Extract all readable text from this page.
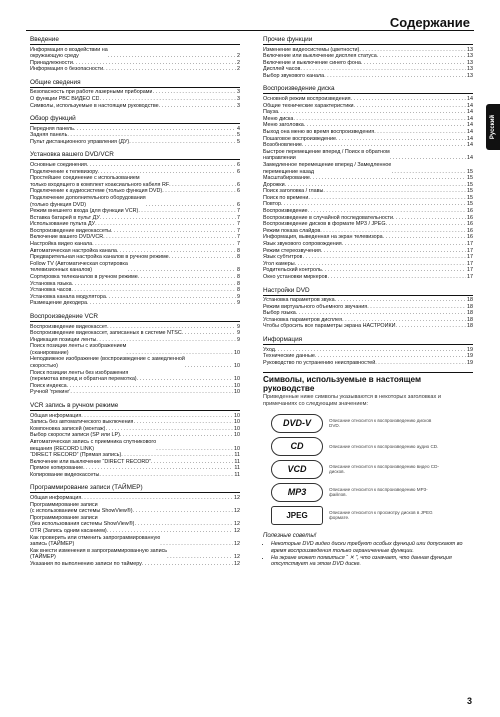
Содержание
Русский
Введение
Информация о воздействии на
окружающую среду . . .	2
Принадлежности . . .	2
Информация о безопасности . . .	2
Общие сведения
Безопасность при работе лазерными приборами . . .	3
О функции PBC ВИДЕО CD . . .	3
Символы, используемые в настоящем руководстве . . .	3
Обзор функций
Передняя панель . . .	4
Задняя панель . . .	5
Пульт дистанционного управления (ДУ) . . .	5
Установка вашего DVD/VCR
Основные соединения . . .	6
Подключение к телевизору . . .	6
Простейшее соединение с использованием
только входящего в комплект коаксиального кабеля RF . . .	6
Подключение к аудиосистеме (только функция DVD) . . .	6
Подключение дополнительного оборудования
(только функция DVD) . . .	6
Режим внешнего входа (для функции VCR) . . .	7
Вставка батарей в пульт ДУ . . .	7
Использование пульта ДУ . . .	7
Воспроизведение видеокассеты . . .	7
Включение вашего DVD/VCR . . .	7
Настройка видео канала . . .	7
Автоматическая настройка канала . . .	8
Предварительная настройка каналов в ручном режиме . . .	8
Follow TV (Автоматическая сортировка
телевизионных каналов) . . .	8
Сортировка телеканалов в ручном режиме . . .	8
Установка языка . . .	8
Установка часов . . .	8
Установка канала модулятора . . .	9
Размещение декодера . . .	9
Воспроизведение VCR
Воспроизведение видеокассет . . .	9
Воспроизведение видеокассет, записанных в системе NTSC . . .	9
Индикация позиции ленты . . .	9
Поиск позиции ленты с изображением
(сканирование) . . .	10
Неподвижное изображение (воспроизведение с замедленной
скоростью) . . .	10
Поиск позиции ленты без изображения
(перемотка вперед и обратная перемотка) . . .	10
Поиск индекса . . .	10
Ручной 'трекинг' . . .	10
VCR запись в ручном режиме
Общая информация . . .	10
Запись без автоматического выключения . . .	10
Компоновка записей (монтаж) . . .	10
Выбор скорости записи (SP или LP) . . .	10
Автоматическая запись с приемника спутникового
вещания (RECORD LINK) . . .	10
“DIRECT RECORD” (Прямая запись) . . .	11
Включение или выключение “DIRECT RECORD” . . .	11
Прямое копирование . . .	11
Копирование видеокассеты . . .	11
Программирование записи (ТАЙМЕР)
Общая информация . . .	12
Программирование записи
(с использованием системы ShowView®) . . .	12
Программирование записи
(без использования системы ShowView®) . . .	12
OTR (Запись одним касанием) . . .	12
Как проверить или отменить запрограммированную
запись (ТАЙМЕР) . . .	12
Как внести изменения в запрограммированную запись
(ТАЙМЕР) . . .	12
Указания по выполнению записи по таймеру . . .	12
Прочие функции
Изменение видеосистемы (цветности) . . .	13
Включение или выключение дисплея статуса . . .	13
Включение и выключение синего фона . . .	13
Дисплей часов . . .	13
Выбор звукового канала . . .	13
Воспроизведение диска
Основной режим воспроизведения . . .	14
Общие технические характеристики . . .	14
Пауза . . .	14
Меню диска . . .	14
Меню заголовка . . .	14
Выход она меню во время воспроизведения . . .	14
Пошаговое воспроизведение . . .	14
Возобновление . . .	14
Быстрое перемещение вперед / Поиск в обратном
направлении . . .	14
Замедленное перемещение вперед / Замедленное
перемещение назад . . .	15
Масштабирование . . .	15
Дорожки . . .	15
Поиск заголовка / главы . . .	15
Поиск по времени . . .	15
Повтор . . .	15
Воспроизведение . . .	16
Воспроизведение в случайной последовательности . . .	16
Воспроизведение дисков в формате MP3 / JPEG . . .	16
Режим показа слайдов . . .	16
Информация, выведенная на экран телевизора . . .	16
Язык звукового сопровождения . . .	17
Режим стереозвучения . . .	17
Язык субтитров . . .	17
Угол камеры . . .	17
Родительский контроль . . .	17
Окно установки миркеров . . .	17
Настройки DVD
Установка параметров звука . . .	18
Режим виртуального объемного звучания . . .	18
Выбор языка . . .	18
Установка параметров дисплея . . .	18
Чтобы сбросить все параметры экрана НАСТРОЙКИ . . .	18
Информация
Уход . . .	19
Технические данные . . .	19
Руководство по устранению неисправностей . . .	19
Символы, используемые в настоящем руководстве
Приведенные ниже символы указываются в некоторых заголовках и примечаниях со следующим значением:
DVD-V	Описание относится к воспроизведению дисков DVD.
CD	Описание относится к воспроизведению аудио CD.
VCD	Описание относится к воспроизведению видео CD- дисков.
MP3	Описание относится к воспроизведению MP3-файлов.
JPEG	Описание относится к просмотру дисков в JPEG формате.
Полезные советы!
• Некоторые DVD видео диски требуют особых функций или допускают во время воспроизведения только ограниченные функции.
• На экране может появиться “ ✕ ”, что означает, что данная функция отсутствует на этом DVD диске.
3
